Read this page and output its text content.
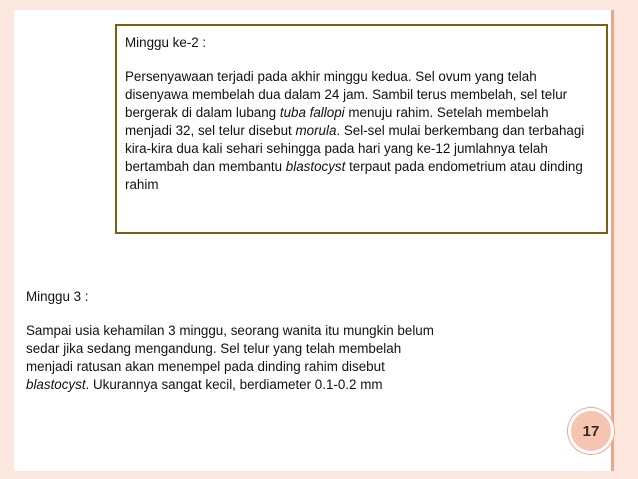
Minggu ke-2 :

Persenyawaan terjadi pada akhir minggu kedua. Sel ovum yang telah disenyawa membelah dua dalam 24 jam. Sambil terus membelah, sel telur bergerak di dalam lubang tuba fallopi menuju rahim. Setelah membelah menjadi 32, sel telur disebut morula. Sel-sel mulai berkembang dan terbahagi kira-kira dua kali sehari sehingga pada hari yang ke-12 jumlahnya telah bertambah dan membantu blastocyst terpaut pada endometrium atau dinding rahim

Minggu 3 :

Sampai usia kehamilan 3 minggu, seorang wanita itu mungkin belum sedar jika sedang mengandung. Sel telur yang telah membelah menjadi ratusan akan menempel pada dinding rahim disebut blastocyst. Ukurannya sangat kecil, berdiameter 0.1-0.2 mm

17
